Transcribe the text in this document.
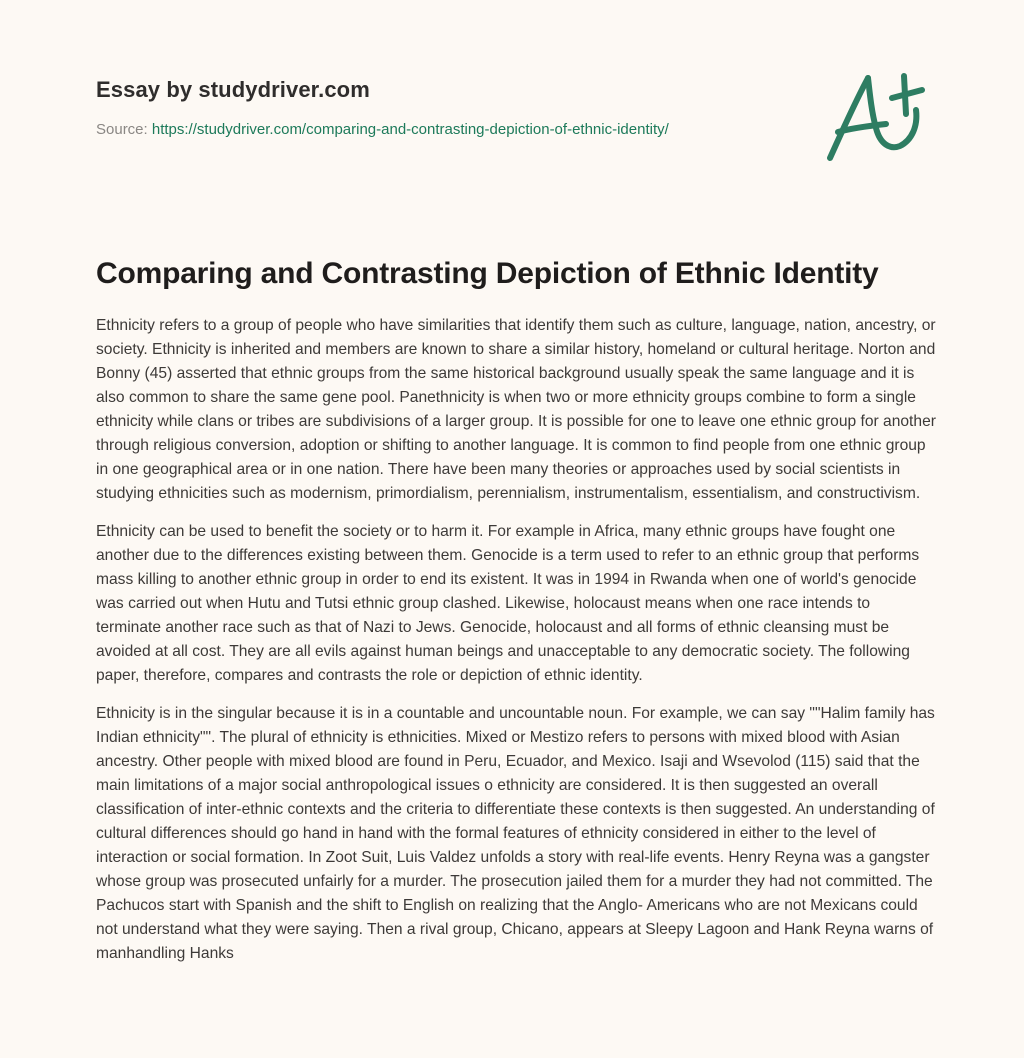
Essay by studydriver.com
Source: https://studydriver.com/comparing-and-contrasting-depiction-of-ethnic-identity/
Comparing and Contrasting Depiction of Ethnic Identity

Ethnicity refers to a group of people who have similarities that identify them such as culture, language, nation, ancestry, or society. Ethnicity is inherited and members are known to share a similar history, homeland or cultural heritage. Norton and Bonny (45) asserted that ethnic groups from the same historical background usually speak the same language and it is also common to share the same gene pool. Panethnicity is when two or more ethnicity groups combine to form a single ethnicity while clans or tribes are subdivisions of a larger group. It is possible for one to leave one ethnic group for another through religious conversion, adoption or shifting to another language. It is common to find people from one ethnic group in one geographical area or in one nation. There have been many theories or approaches used by social scientists in studying ethnicities such as modernism, primordialism, perennialism, instrumentalism, essentialism, and constructivism.

Ethnicity can be used to benefit the society or to harm it. For example in Africa, many ethnic groups have fought one another due to the differences existing between them. Genocide is a term used to refer to an ethnic group that performs mass killing to another ethnic group in order to end its existent. It was in 1994 in Rwanda when one of world's genocide was carried out when Hutu and Tutsi ethnic group clashed. Likewise, holocaust means when one race intends to terminate another race such as that of Nazi to Jews. Genocide, holocaust and all forms of ethnic cleansing must be avoided at all cost. They are all evils against human beings and unacceptable to any democratic society. The following paper, therefore, compares and contrasts the role or depiction of ethnic identity.

Ethnicity is in the singular because it is in a countable and uncountable noun. For example, we can say ""Halim family has Indian ethnicity"". The plural of ethnicity is ethnicities. Mixed or Mestizo refers to persons with mixed blood with Asian ancestry. Other people with mixed blood are found in Peru, Ecuador, and Mexico. Isaji and Wsevolod (115) said that the main limitations of a major social anthropological issues o ethnicity are considered. It is then suggested an overall classification of inter-ethnic contexts and the criteria to differentiate these contexts is then suggested. An understanding of cultural differences should go hand in hand with the formal features of ethnicity considered in either to the level of interaction or social formation. In Zoot Suit, Luis Valdez unfolds a story with real-life events. Henry Reyna was a gangster whose group was prosecuted unfairly for a murder. The prosecution jailed them for a murder they had not committed. The Pachucos start with Spanish and the shift to English on realizing that the Anglo- Americans who are not Mexicans could not understand what they were saying. Then a rival group, Chicano, appears at Sleepy Lagoon and Hank Reyna warns of manhandling Hanks
